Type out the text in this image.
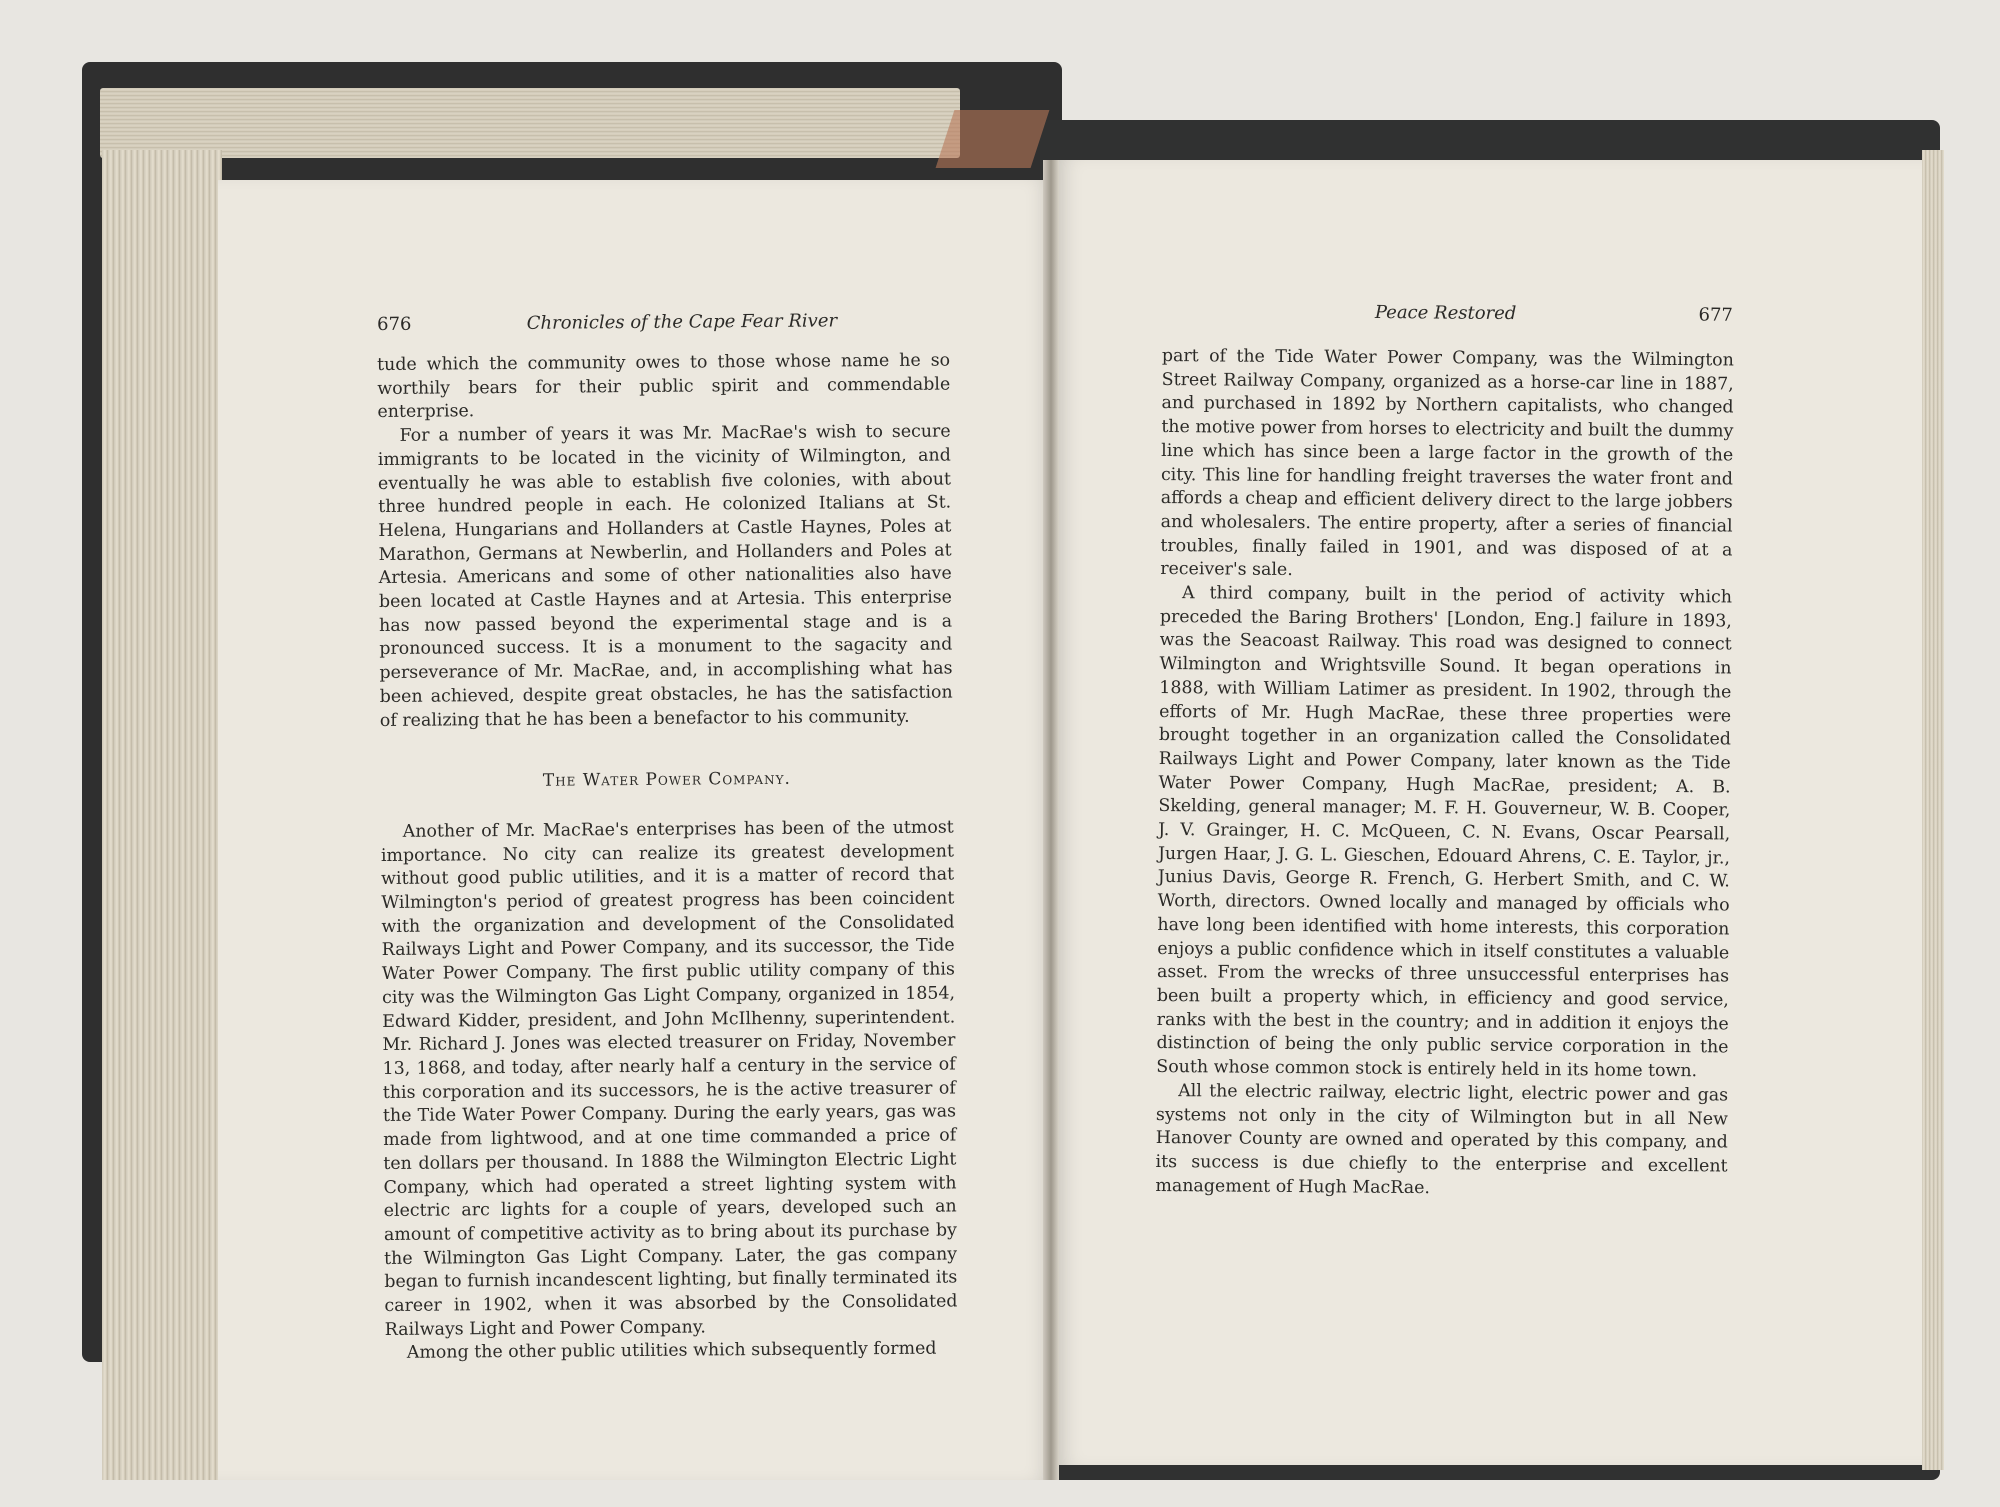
676	Chronicles of the Cape Fear River

tude which the community owes to those whose name he so worthily bears for their public spirit and commendable enterprise.

For a number of years it was Mr. MacRae's wish to secure immigrants to be located in the vicinity of Wilmington, and eventually he was able to establish five colonies, with about three hundred people in each. He colonized Italians at St. Helena, Hungarians and Hollanders at Castle Haynes, Poles at Marathon, Germans at Newberlin, and Hollanders and Poles at Artesia. Americans and some of other nationalities also have been located at Castle Haynes and at Artesia. This enterprise has now passed beyond the experimental stage and is a pronounced success. It is a monument to the sagacity and perseverance of Mr. MacRae, and, in accomplishing what has been achieved, despite great obstacles, he has the satisfaction of realizing that he has been a benefactor to his community.

The Water Power Company.

Another of Mr. MacRae's enterprises has been of the utmost importance. No city can realize its greatest development without good public utilities, and it is a matter of record that Wilmington's period of greatest progress has been coincident with the organization and development of the Consolidated Railways Light and Power Company, and its successor, the Tide Water Power Company. The first public utility company of this city was the Wilmington Gas Light Company, organized in 1854, Edward Kidder, president, and John McIlhenny, superintendent. Mr. Richard J. Jones was elected treasurer on Friday, November 13, 1868, and today, after nearly half a century in the service of this corporation and its successors, he is the active treasurer of the Tide Water Power Company. During the early years, gas was made from lightwood, and at one time commanded a price of ten dollars per thousand. In 1888 the Wilmington Electric Light Company, which had operated a street lighting system with electric arc lights for a couple of years, developed such an amount of competitive activity as to bring about its purchase by the Wilmington Gas Light Company. Later, the gas company began to furnish incandescent lighting, but finally terminated its career in 1902, when it was absorbed by the Consolidated Railways Light and Power Company.

Among the other public utilities which subsequently formed

Peace Restored	677

part of the Tide Water Power Company, was the Wilmington Street Railway Company, organized as a horse-car line in 1887, and purchased in 1892 by Northern capitalists, who changed the motive power from horses to electricity and built the dummy line which has since been a large factor in the growth of the city. This line for handling freight traverses the water front and affords a cheap and efficient delivery direct to the large jobbers and wholesalers. The entire property, after a series of financial troubles, finally failed in 1901, and was disposed of at a receiver's sale.

A third company, built in the period of activity which preceded the Baring Brothers' [London, Eng.] failure in 1893, was the Seacoast Railway. This road was designed to connect Wilmington and Wrightsville Sound. It began operations in 1888, with William Latimer as president. In 1902, through the efforts of Mr. Hugh MacRae, these three properties were brought together in an organization called the Consolidated Railways Light and Power Company, later known as the Tide Water Power Company, Hugh MacRae, president; A. B. Skelding, general manager; M. F. H. Gouverneur, W. B. Cooper, J. V. Grainger, H. C. McQueen, C. N. Evans, Oscar Pearsall, Jurgen Haar, J. G. L. Gieschen, Edouard Ahrens, C. E. Taylor, jr., Junius Davis, George R. French, G. Herbert Smith, and C. W. Worth, directors. Owned locally and managed by officials who have long been identified with home interests, this corporation enjoys a public confidence which in itself constitutes a valuable asset. From the wrecks of three unsuccessful enterprises has been built a property which, in efficiency and good service, ranks with the best in the country; and in addition it enjoys the distinction of being the only public service corporation in the South whose common stock is entirely held in its home town.

All the electric railway, electric light, electric power and gas systems not only in the city of Wilmington but in all New Hanover County are owned and operated by this company, and its success is due chiefly to the enterprise and excellent management of Hugh MacRae.
